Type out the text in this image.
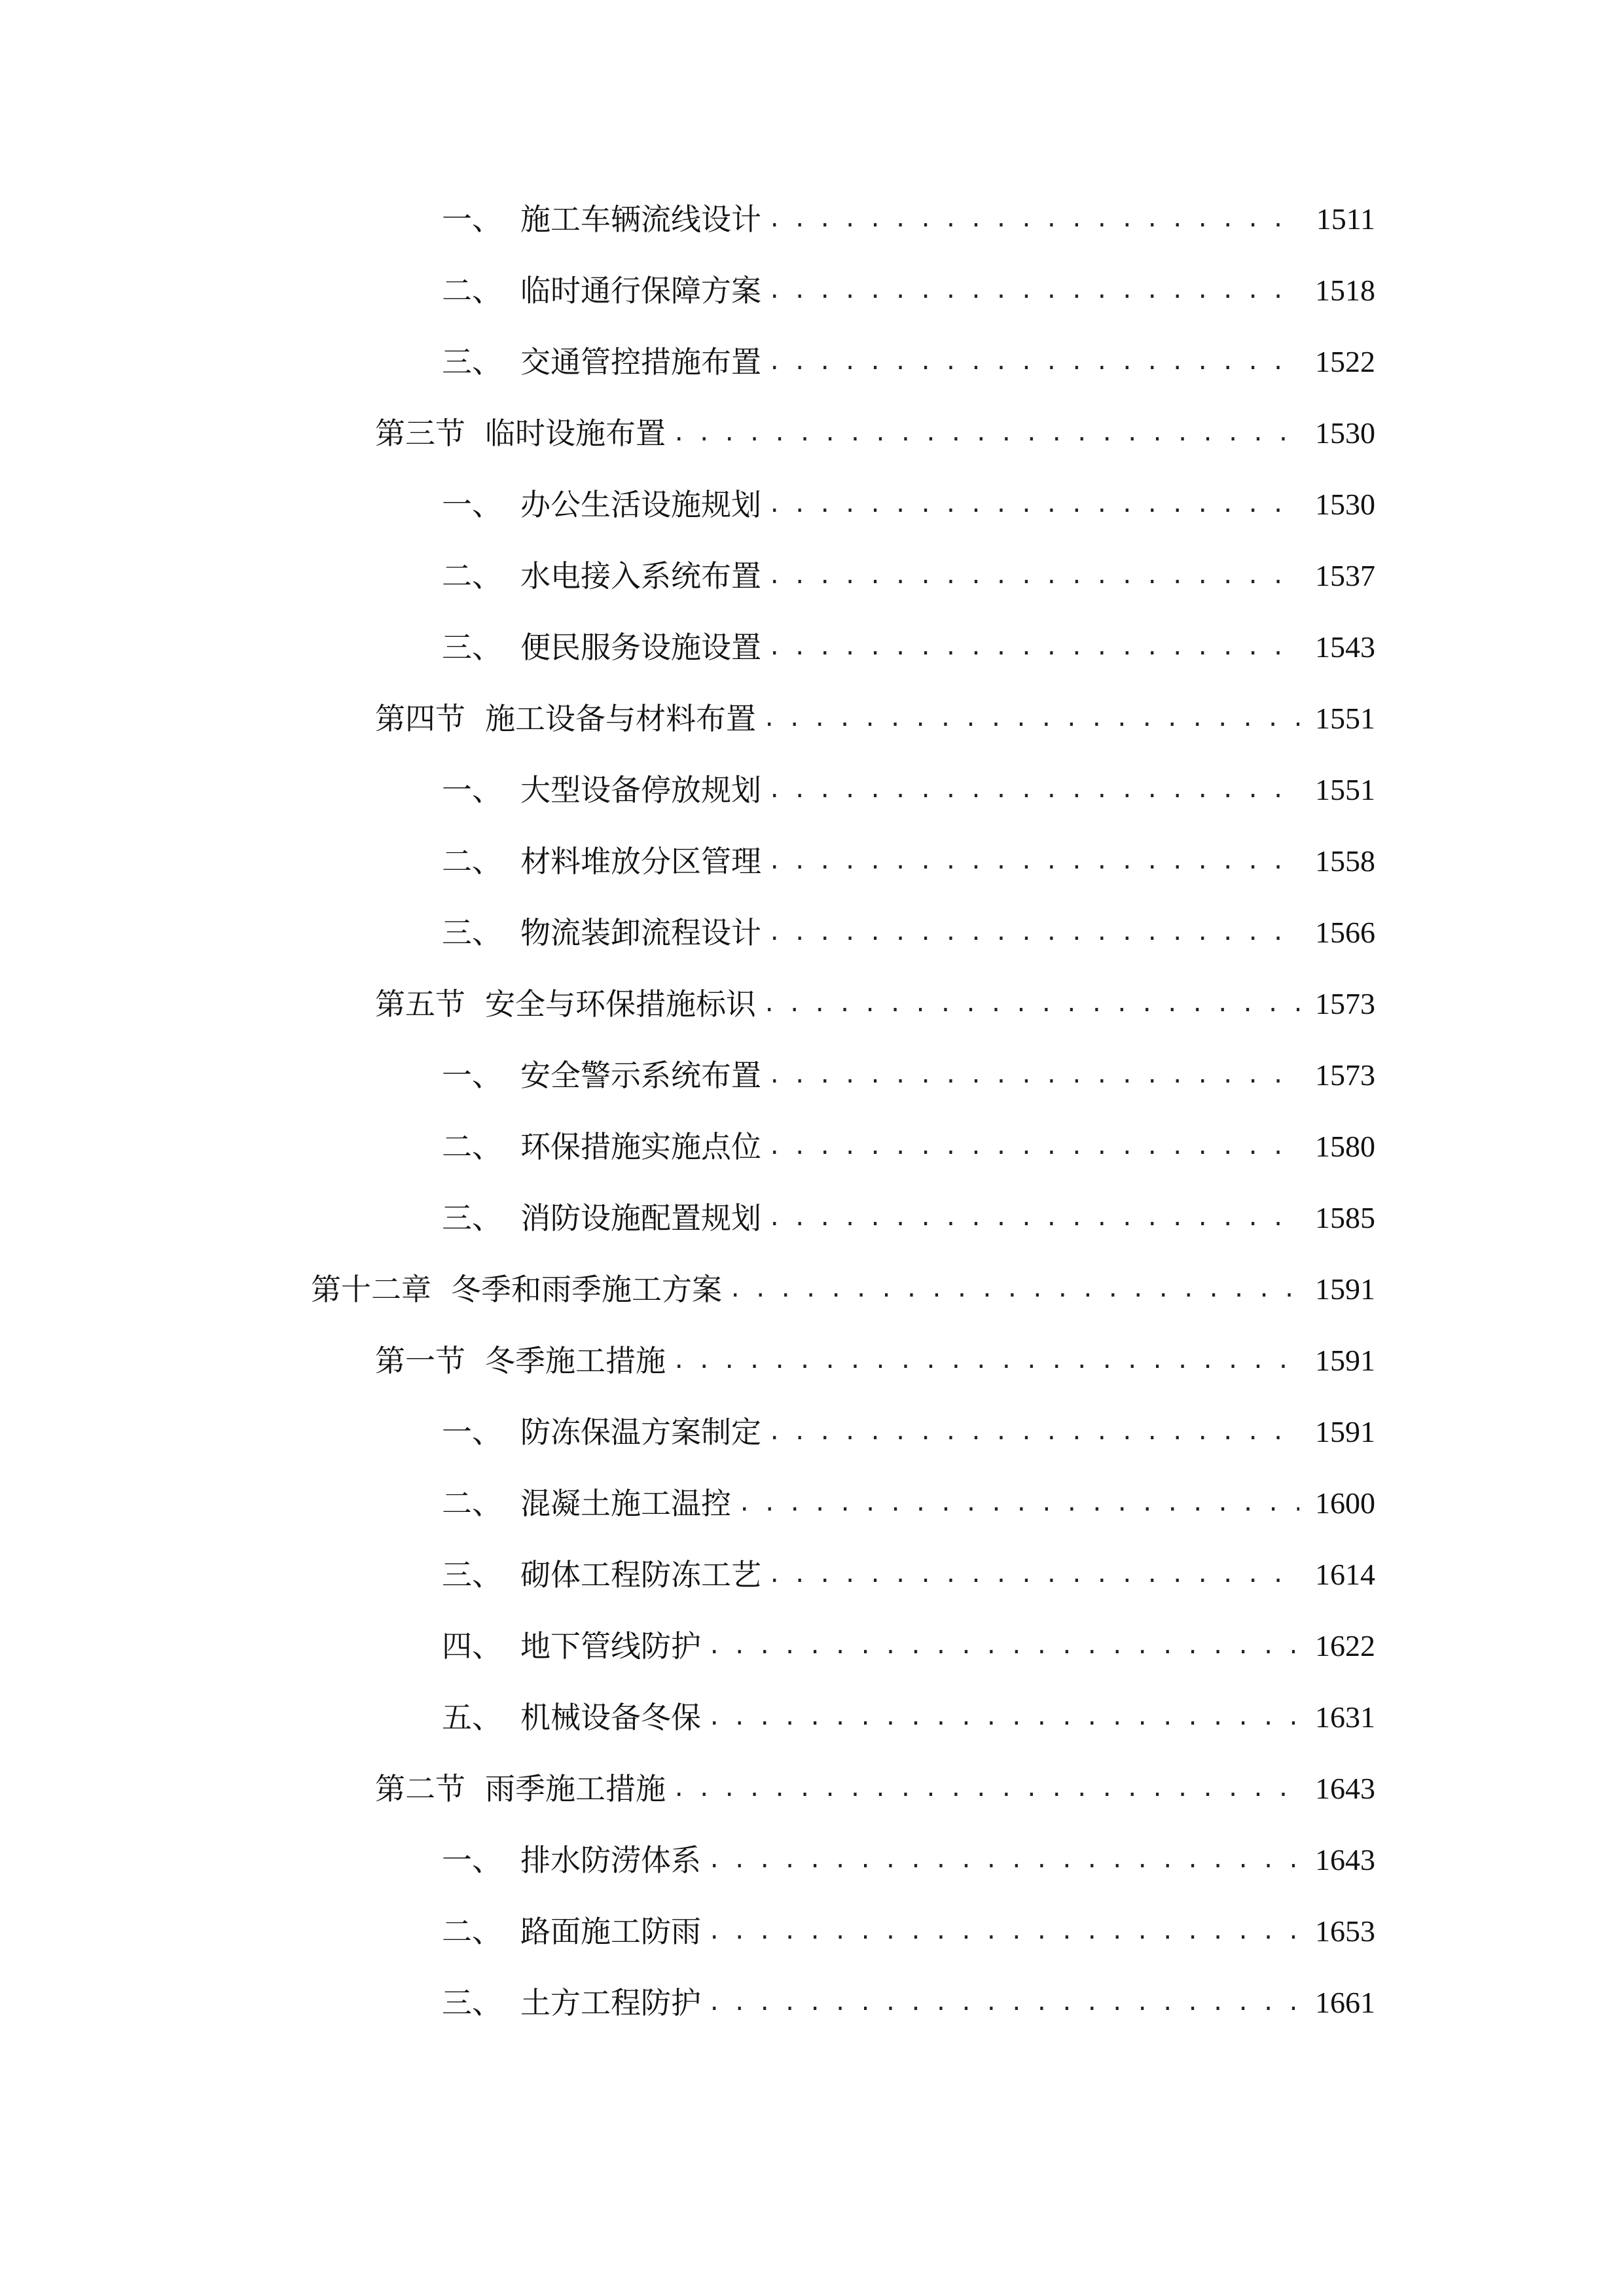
一、 施工车辆流线设计 .....	1511
二、 临时通行保障方案 .....	1518
三、 交通管控措施布置 .....	1522
第三节 临时设施布置 .....	1530
一、 办公生活设施规划 .....	1530
二、 水电接入系统布置 .....	1537
三、 便民服务设施设置 .....	1543
第四节 施工设备与材料布置 .....	1551
一、 大型设备停放规划 .....	1551
二、 材料堆放分区管理 .....	1558
三、 物流装卸流程设计 .....	1566
第五节 安全与环保措施标识 .....	1573
一、 安全警示系统布置 .....	1573
二、 环保措施实施点位 .....	1580
三、 消防设施配置规划 .....	1585
第十二章 冬季和雨季施工方案 .....	1591
第一节 冬季施工措施 .....	1591
一、 防冻保温方案制定 .....	1591
二、 混凝土施工温控 .....	1600
三、 砌体工程防冻工艺 .....	1614
四、 地下管线防护 .....	1622
五、 机械设备冬保 .....	1631
第二节 雨季施工措施 .....	1643
一、 排水防涝体系 .....	1643
二、 路面施工防雨 .....	1653
三、 土方工程防护 .....	1661
